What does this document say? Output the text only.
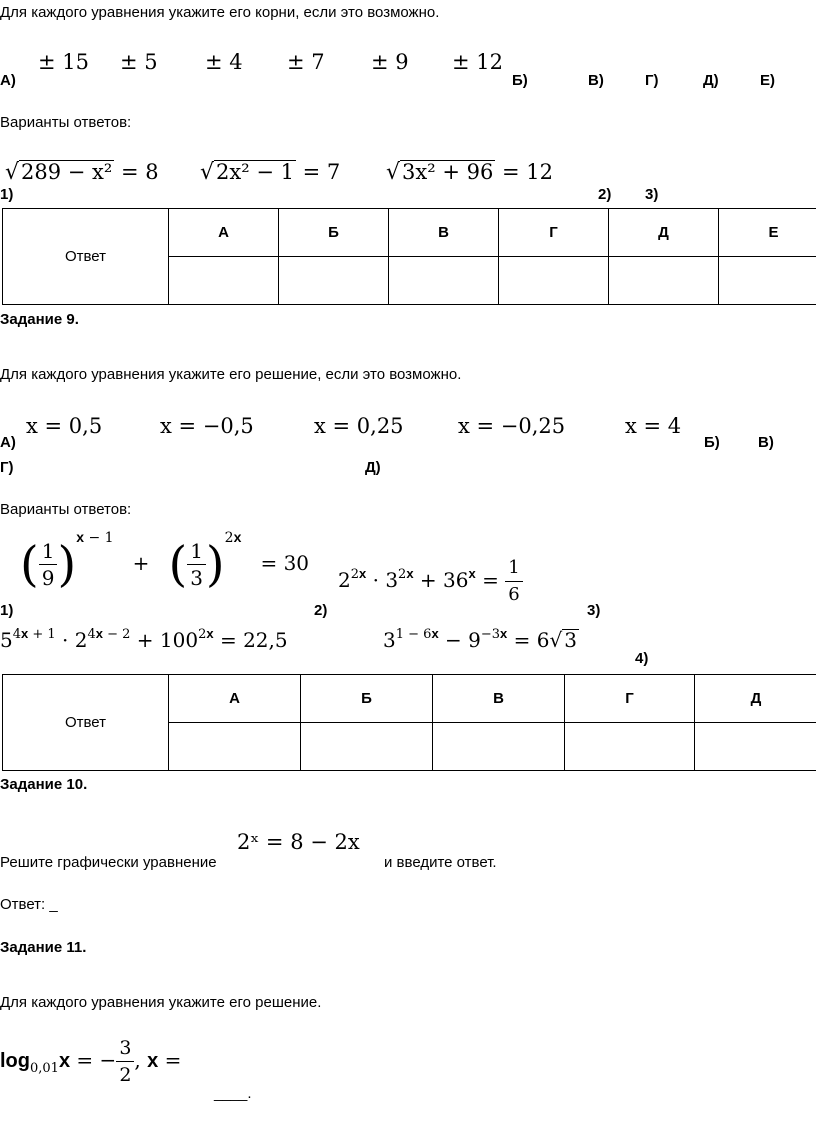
Для каждого уравнения укажите его корни, если это возможно.
± 15 ± 5 ± 4 ± 7 ± 9 ± 12
А)	Б)	В)	Г)	Д)	Е)
Варианты ответов:
√289 − x² = 8 √2x² − 1 = 7 √3x² + 96 = 12
1)	2) 3)
Ответ	А	Б	В	Г	Д	Е

Задание 9.
Для каждого уравнения укажите его решение, если это возможно.
x = 0,5	x = −0,5	x = 0,25	x = −0,25	x = 4
А)	Б)	В)
Г)	Д)
Варианты ответов:
( $\frac{1}{9} )^{x - 1}$   +   ( $\frac{1}{3} )^{2x} = 30$
$2^{2x} \cdot 3^{2x} + 36^x = \frac{1}{6}$
1)	2)	3)
$5^{4x + 1} \cdot 2^{4x - 2} + 100^{2x} = 22,5$	$3^{1 - 6x} - 9^{-3x} = 6√$ 3
4)
Ответ	А	Б	В	Г	Д

Задание 10.
Решите графически уравнение
2ˣ = 8 − 2x
и введите ответ.
Ответ: _
Задание 11.
Для каждого уравнения укажите его решение.
$\log_{0,01}x$ = − $\frac{3}{2}$ , x =
____.
